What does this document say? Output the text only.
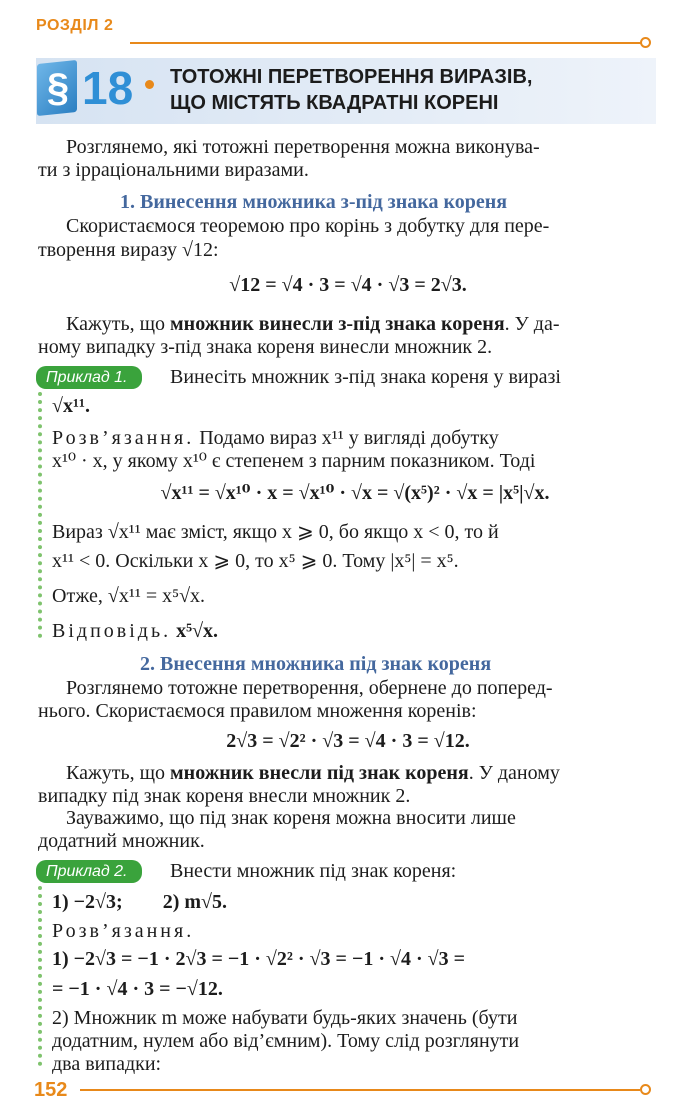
РОЗДІЛ 2
§ 18 ТОТОЖНІ ПЕРЕТВОРЕННЯ ВИРАЗІВ,
ЩО МІСТЯТЬ КВАДРАТНІ КОРЕНІ
Розглянемо, які тотожні перетворення можна виконува-
ти з ірраціональними виразами.
1. Винесення множника з-під знака кореня
Скористаємося теоремою про корінь з добутку для пере-
творення виразу √12:
√12 = √4 · 3 = √4 · √3 = 2√3.
Кажуть, що множник винесли з-під знака кореня. У да-
ному випадку з-під знака кореня винесли множник 2.
Приклад 1.	Винесіть множник з-під знака кореня у виразі
√x¹¹.
Розв’язання. Подамо вираз x¹¹ у вигляді добутку
x¹⁰ · x, у якому x¹⁰ є степенем з парним показником. Тоді
√x¹¹ = √x¹⁰ · x = √x¹⁰ · √x = √(x⁵)² · √x = |x⁵|√x.
Вираз √x¹¹ має зміст, якщо x ⩾ 0, бо якщо x < 0, то й
x¹¹ < 0. Оскільки x ⩾ 0, то x⁵ ⩾ 0. Тому |x⁵| = x⁵.
Отже, √x¹¹ = x⁵√x.
Відповідь. x⁵√x.
2. Внесення множника під знак кореня
Розглянемо тотожне перетворення, обернене до поперед-
нього. Скористаємося правилом множення коренів:
2√3 = √2² · √3 = √4 · 3 = √12.
Кажуть, що множник внесли під знак кореня. У даному
випадку під знак кореня внесли множник 2.
Зауважимо, що під знак кореня можна вносити лише
додатний множник.
Приклад 2.	Внести множник під знак кореня:
1) −2√3;        2) m√5.
Розв’язання.
1) −2√3 = −1 · 2√3 = −1 · √2² · √3 = −1 · √4 · √3 =
= −1 · √4 · 3 = −√12.
2) Множник m може набувати будь-яких значень (бути
додатним, нулем або від’ємним). Тому слід розглянути
два випадки:
152
